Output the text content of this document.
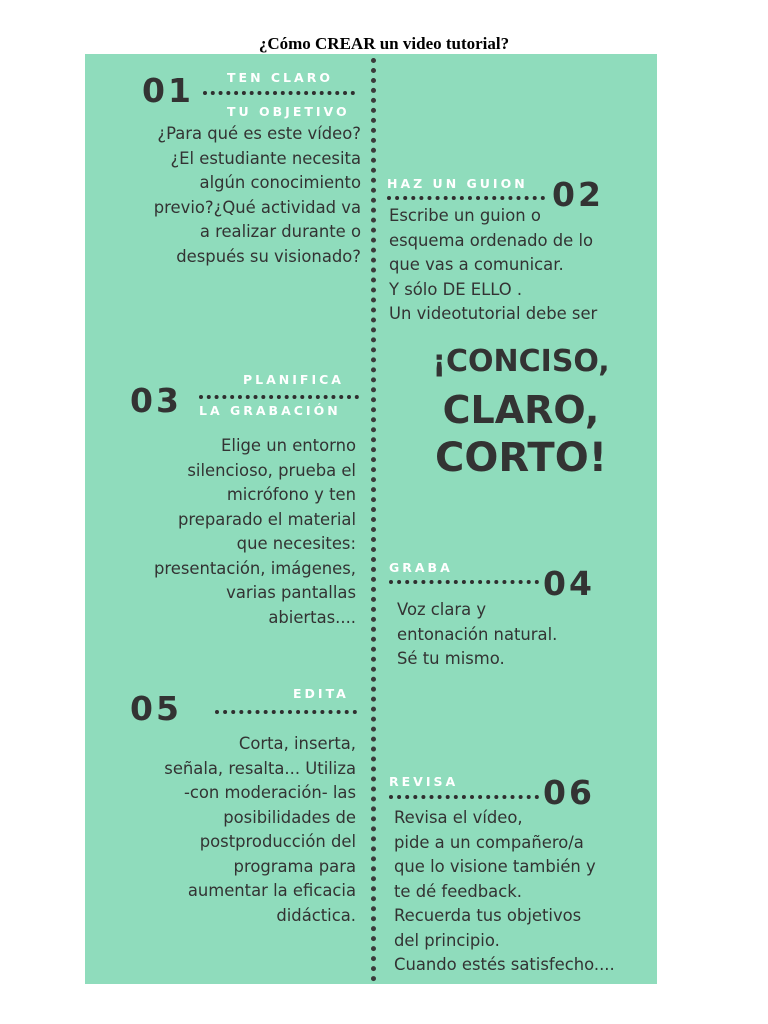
¿Cómo CREAR un video tutorial?
01	TEN CLARO
TU OBJETIVO
¿Para qué es este vídeo?
¿El estudiante necesita
algún conocimiento
previo?¿Qué actividad va
a realizar durante o
después su visionado?
HAZ UN GUION 02
Escribe un guion o
esquema ordenado de lo
que vas a comunicar.
Y sólo DE ELLO .
Un videotutorial debe ser
¡CONCISO,
CLARO,
CORTO!
PLANIFICA
03 LA GRABACIÓN
Elige un entorno
silencioso, prueba el
micrófono y ten
preparado el material
que necesites:
presentación, imágenes,
varias pantallas
abiertas....
GRABA	04
Voz clara y
entonación natural.
Sé tu mismo.
EDITA
05
Corta, inserta,
señala, resalta... Utiliza
-con moderación- las
posibilidades de
postproducción del
programa para
aumentar la eficacia
didáctica.
REVISA	06
Revisa el vídeo,
pide a un compañero/a
que lo visione también y
te dé feedback.
Recuerda tus objetivos
del principio.
Cuando estés satisfecho....
